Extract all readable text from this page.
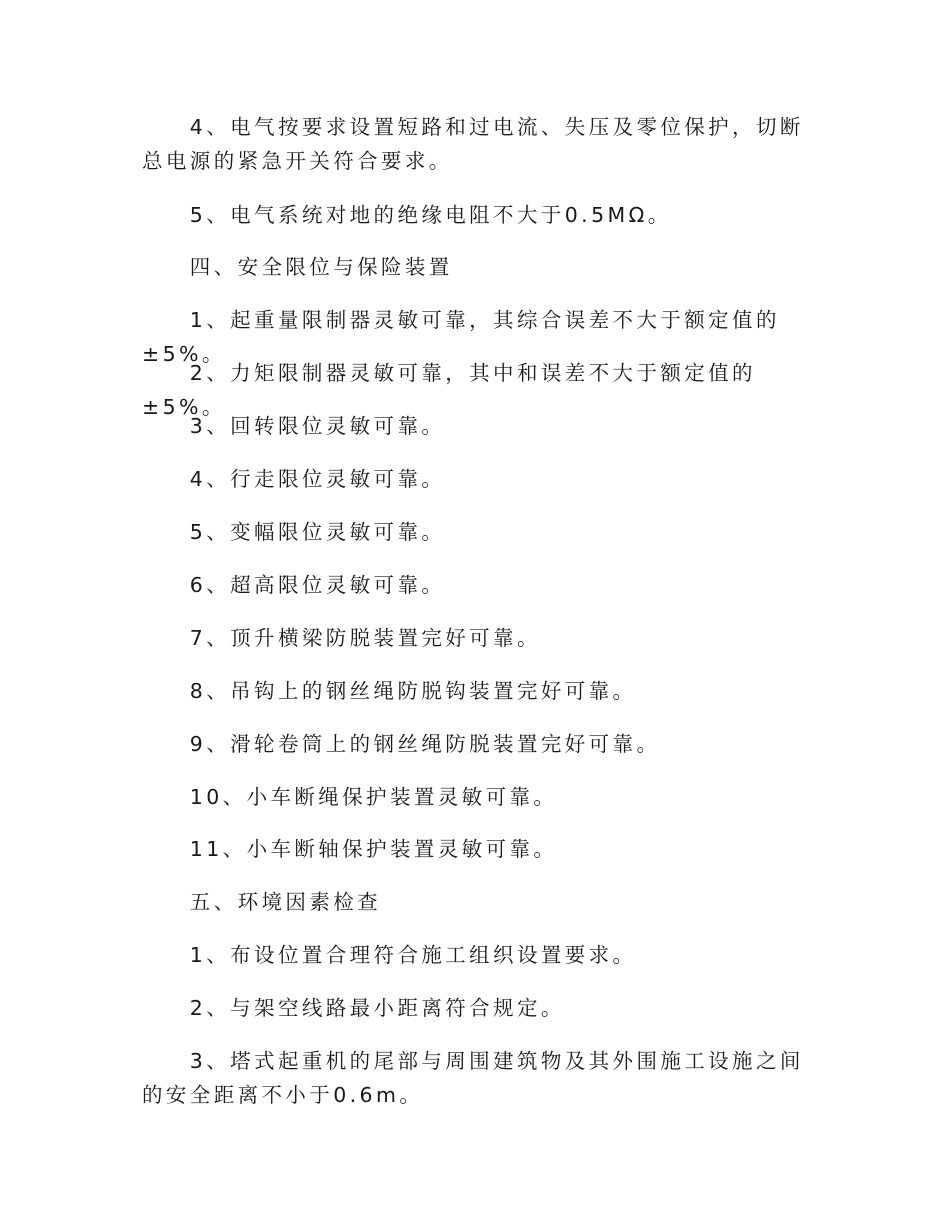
　　4、电气按要求设置短路和过电流、失压及零位保护，切断总电源的紧急开关符合要求。

　　5、电气系统对地的绝缘电阻不大于0.5MΩ。

　　四、安全限位与保险装置

　　1、起重量限制器灵敏可靠，其综合误差不大于额定值的±5%。

　　2、力矩限制器灵敏可靠，其中和误差不大于额定值的±5%。

　　3、回转限位灵敏可靠。

　　4、行走限位灵敏可靠。

　　5、变幅限位灵敏可靠。

　　6、超高限位灵敏可靠。

　　7、顶升横梁防脱装置完好可靠。

　　8、吊钩上的钢丝绳防脱钩装置完好可靠。

　　9、滑轮卷筒上的钢丝绳防脱装置完好可靠。

　　10、小车断绳保护装置灵敏可靠。

　　11、小车断轴保护装置灵敏可靠。

　　五、环境因素检查

　　1、布设位置合理符合施工组织设置要求。

　　2、与架空线路最小距离符合规定。

　　3、塔式起重机的尾部与周围建筑物及其外围施工设施之间的安全距离不小于0.6m。
